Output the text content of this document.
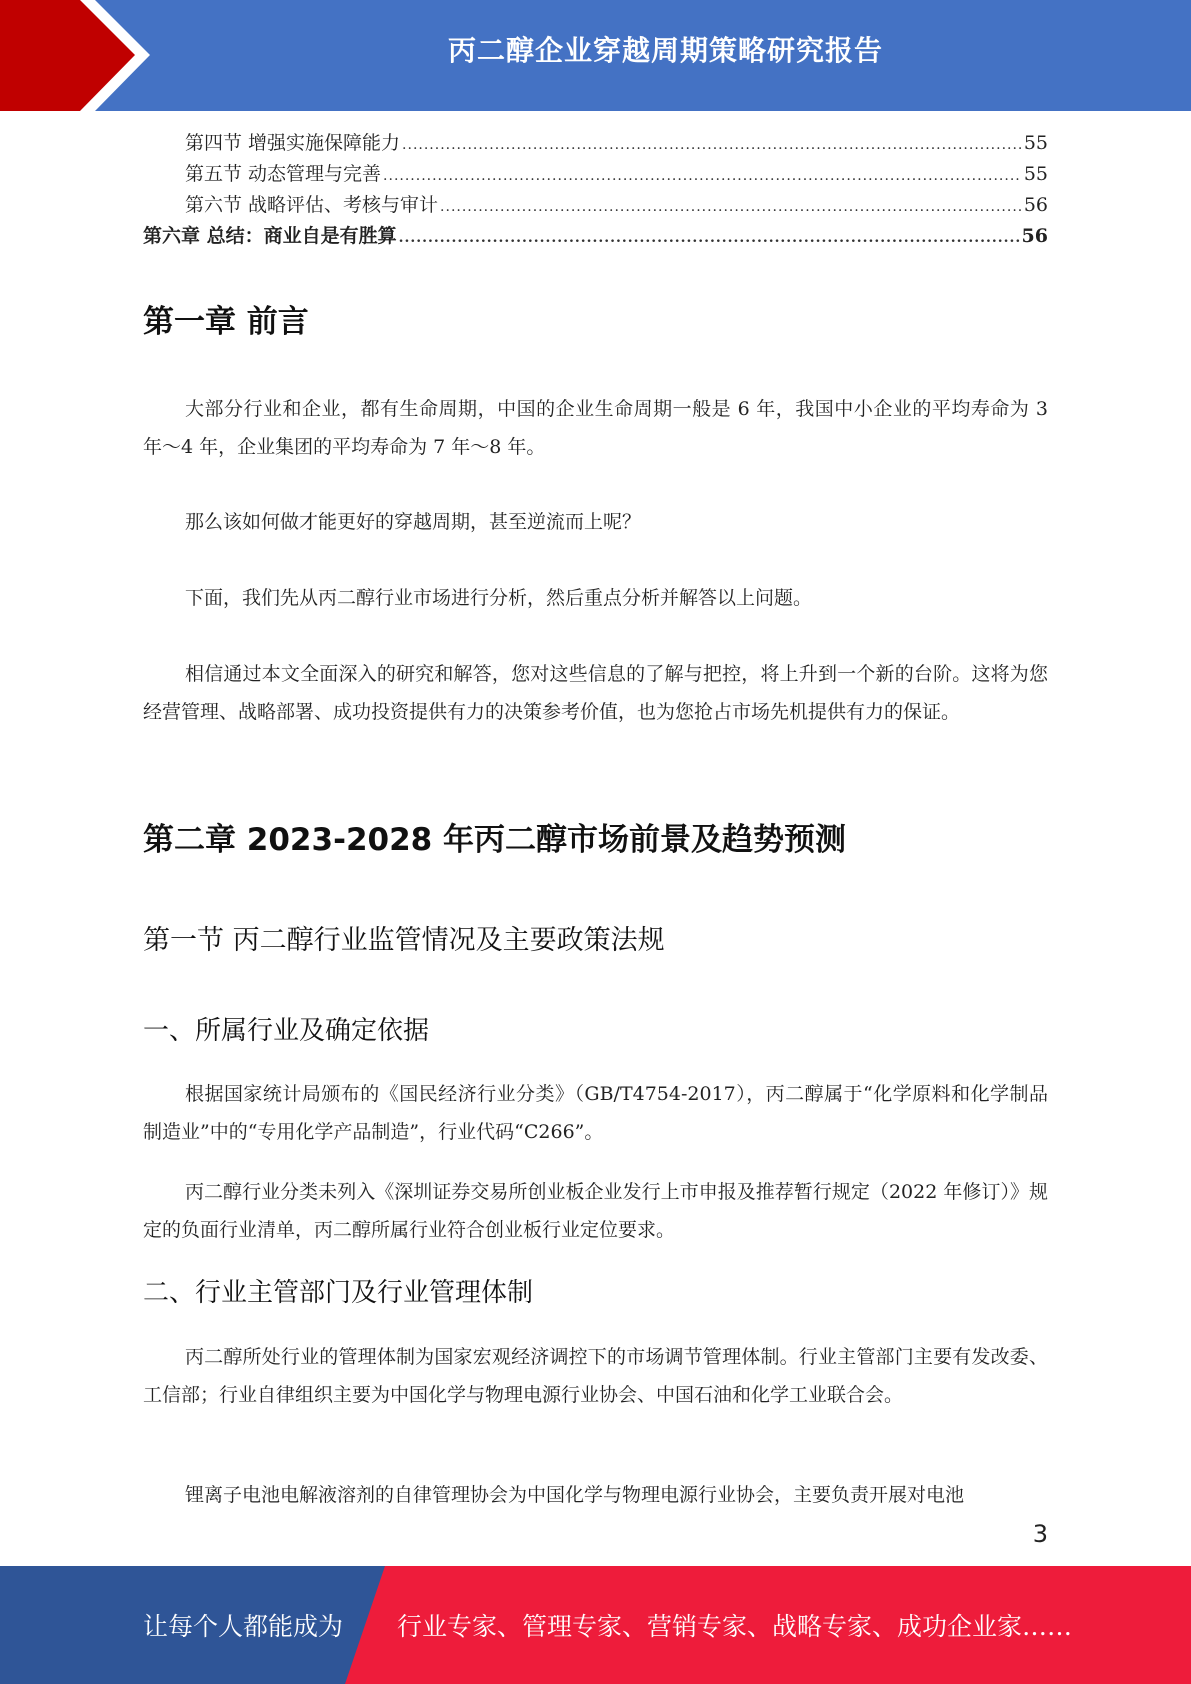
丙二醇企业穿越周期策略研究报告
第四节 增强实施保障能力 .....	55
第五节 动态管理与完善 .....	55
第六节 战略评估、考核与审计 .....	56
第六章 总结：商业自是有胜算 .....	56
第一章 前言
大部分行业和企业，都有生命周期，中国的企业生命周期一般是 6 年，我国中小企业的平均寿命为 3 年～4 年，企业集团的平均寿命为 7 年～8 年。
那么该如何做才能更好的穿越周期，甚至逆流而上呢？
下面，我们先从丙二醇行业市场进行分析，然后重点分析并解答以上问题。
相信通过本文全面深入的研究和解答，您对这些信息的了解与把控，将上升到一个新的台阶。这将为您经营管理、战略部署、成功投资提供有力的决策参考价值，也为您抢占市场先机提供有力的保证。
第二章 2023-2028 年丙二醇市场前景及趋势预测
第一节 丙二醇行业监管情况及主要政策法规
一、所属行业及确定依据
根据国家统计局颁布的《国民经济行业分类》（GB/T4754-2017），丙二醇属于“化学原料和化学制品制造业”中的“专用化学产品制造”，行业代码“C266”。
丙二醇行业分类未列入《深圳证券交易所创业板企业发行上市申报及推荐暂行规定（2022 年修订）》规定的负面行业清单，丙二醇所属行业符合创业板行业定位要求。
二、行业主管部门及行业管理体制
丙二醇所处行业的管理体制为国家宏观经济调控下的市场调节管理体制。行业主管部门主要有发改委、工信部；行业自律组织主要为中国化学与物理电源行业协会、中国石油和化学工业联合会。
锂离子电池电解液溶剂的自律管理协会为中国化学与物理电源行业协会，主要负责开展对电池
3
让每个人都能成为 行业专家、管理专家、营销专家、战略专家、成功企业家……
